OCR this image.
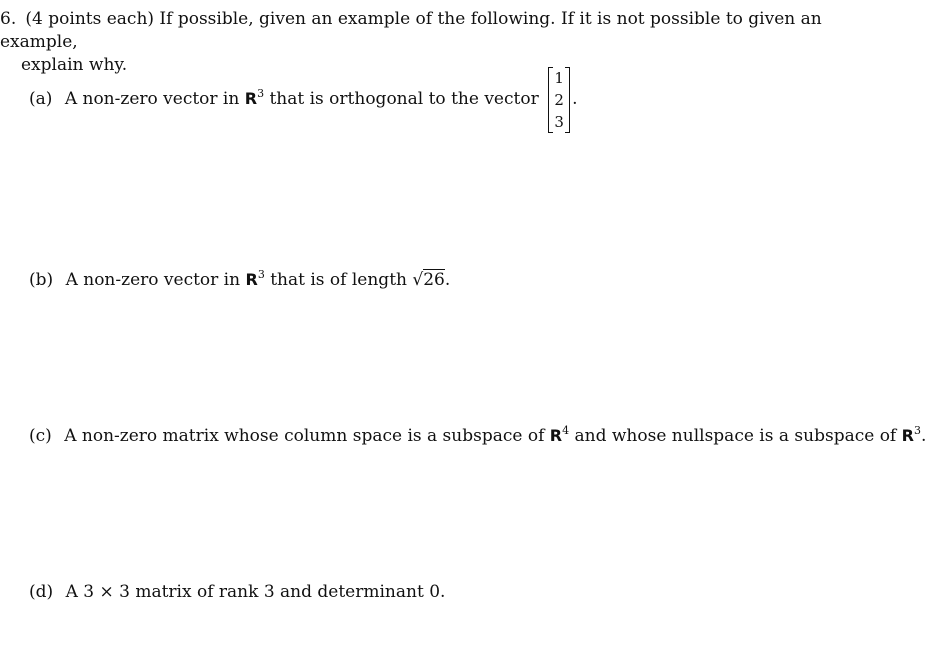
6. (4 points each) If possible, given an example of the following. If it is not possible to given an example,
explain why.
(a) A non-zero vector in $R^3$ that is orthogonal to the vector
1
2
3
.
(b) A non-zero vector in $R^3$ that is of length √26.
(c) A non-zero matrix whose column space is a subspace of $R^4$ and whose nullspace is a subspace of $R^3$.
(d) A 3 × 3 matrix of rank 3 and determinant 0.
